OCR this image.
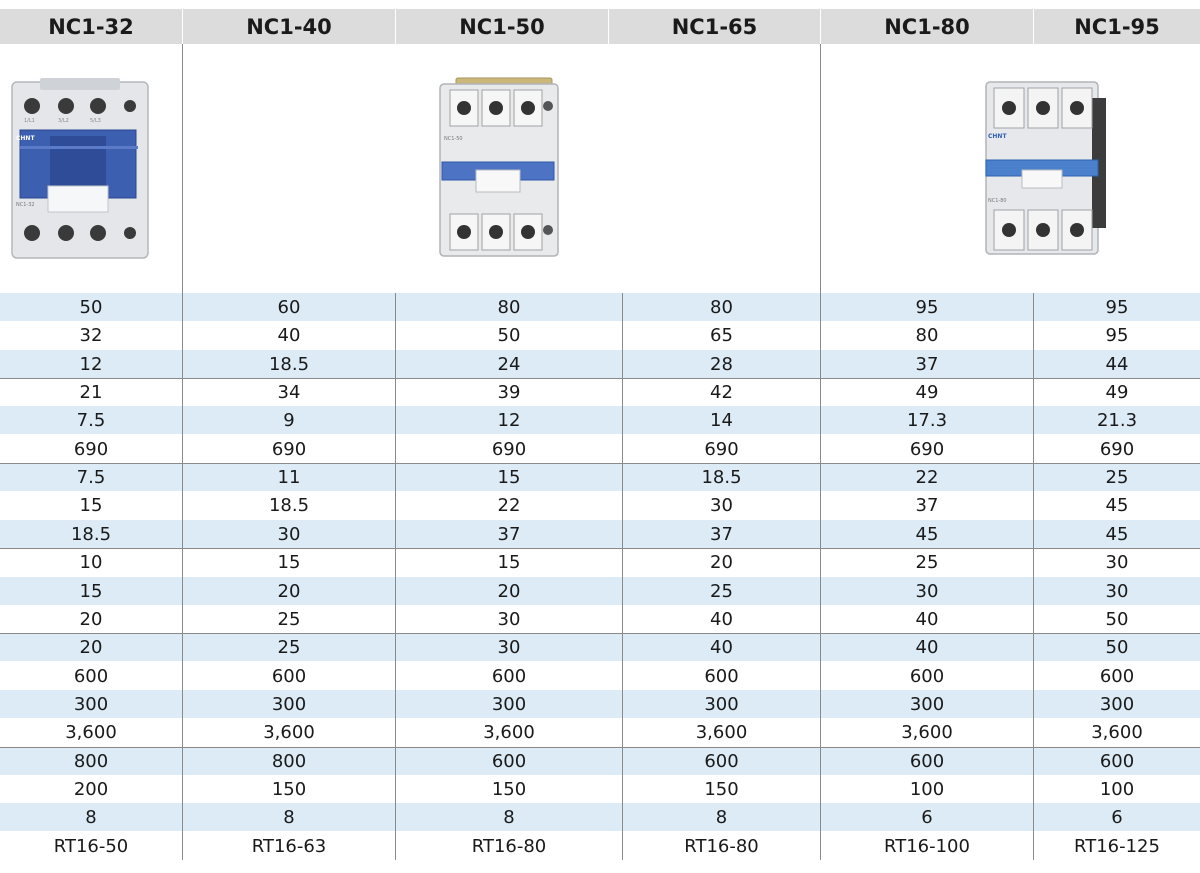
NC1-32	NC1-40	NC1-50	NC1-65	NC1-80	NC1-95
1/L1	3/L2	5/L3
CHNT
NC1-32
NC1-50	CHNT
NC1-80
50	60	80	80	95	95
32	40	50	65	80	95
12	18.5	24	28	37	44
21	34	39	42	49	49
7.5	9	12	14	17.3	21.3
690	690	690	690	690	690
7.5	11	15	18.5	22	25
15	18.5	22	30	37	45
18.5	30	37	37	45	45
10	15	15	20	25	30
15	20	20	25	30	30
20	25	30	40	40	50
20	25	30	40	40	50
600	600	600	600	600	600
300	300	300	300	300	300
3,600	3,600	3,600	3,600	3,600	3,600
800	800	600	600	600	600
200	150	150	150	100	100
8	8	8	8	6	6
RT16-50	RT16-63	RT16-80	RT16-80	RT16-100	RT16-125
